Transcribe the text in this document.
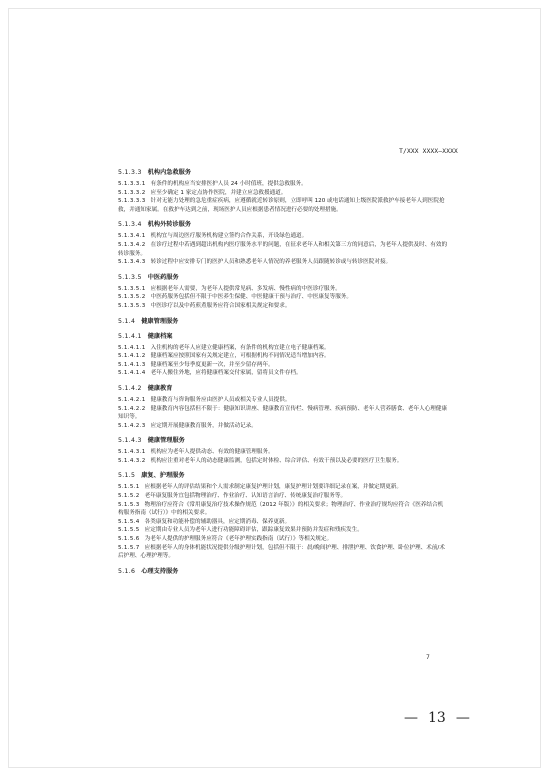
T/XXX XXXX—XXXX
5.1.3.3 机构内急救服务

5.1.3.3.1 有条件的机构应当安排医护人员 24 小时值班，提供急救服务。

5.1.3.3.2 应至少确定 1 家定点协作医院，并建立应急救援通道。

5.1.3.3.3 针对无能力处理的急危重症疾病，应遵循就近转诊原则，立即呼叫 120 或电话通知上级医院派救护车接老年人到医院抢救，并通知家属。在救护车达到之前，现场医护人员应根据患者情况进行必要的处理措施。

5.1.3.4 机构外转诊服务

5.1.3.4.1 机构宜与周边医疗服务机构建立签约合作关系，开设绿色通道。

5.1.3.4.2 在诊疗过程中若遇到超出机构内医疗服务水平的问题，在征求老年人和相关第三方的同意后，为老年人提供及时、有效的转诊服务。

5.1.3.4.3 转诊过程中应安排专门的医护人员和熟悉老年人情况的养老服务人员跟随转诊或与转诊医院对接。

5.1.3.5 中医药服务

5.1.3.5.1 应根据老年人需要，为老年人提供常见病、多发病、慢性病的中医诊疗服务。

5.1.3.5.2 中医药服务包括但不限于中医养生保健、中医健康干预与治疗、中医康复等服务。

5.1.3.5.3 中医诊疗以及中药煎煮服务应符合国家相关规定和要求。

5.1.4 健康管理服务
5.1.4.1 健康档案

5.1.4.1.1 入住机构的老年人应建立健康档案，有条件的机构宜建立电子健康档案。

5.1.4.1.2 健康档案应按照国家有关规定建立，可根据机构不同情况适当增加内容。

5.1.4.1.3 健康档案至少每季度更新一次，并至少留存两年。

5.1.4.1.4 老年人搬住外地，应将健康档案交付家属，留将员文件存档。

5.1.4.2 健康教育

5.1.4.2.1 健康教育与咨询服务应由医护人员或相关专业人员提供。

5.1.4.2.2 健康教育内容包括但不限于：健康知识讲座、健康教育宣传栏、慢病管理、疾病预防、老年人营养膳食、老年人心理健康知识等。

5.1.4.2.3 应定期开展健康教育服务，并做活动记录。

5.1.4.3 健康管理服务

5.1.4.3.1 机构应为老年人提供动态、有效的健康管理服务。

5.1.4.3.2 机构应注重对老年人的动态健康监测，包括定时体检、综合评估、有效干预以及必要的医疗卫生服务。

5.1.5 康复、护理服务

5.1.5.1 应根据老年人的评估结果和个人需求制定康复护理计划，康复护理计划要详细记录在案，并做定期更新。

5.1.5.2 老年康复服务宜包括物理治疗、作业治疗、认知语言治疗、传统康复治疗服务等。

5.1.5.3 物理治疗应符合《常用康复治疗技术操作规范（2012 年版）》的相关要求；物理治疗、作业治疗规均应符合《医养结合机构服务指南（试行）》中的相关要求。

5.1.5.4 各类康复和功能补偿的辅助器具，应定期消毒、保养更新。

5.1.5.5 应定期由专业人员为老年人进行功能障碍评估，跟踪康复效果并预防并发症和残疾发生。

5.1.5.6 为老年人提供的护理服务应符合《老年护理实践指南（试行）》等相关规定。

5.1.5.7 应根据老年人的身体机能状况提供分级护理计划，包括但不限于：晨/晚间护理、排泄护理、饮食护理、卧位护理、术前/术后护理、心理护理等。

5.1.6 心理支持服务
7
— 13 —
